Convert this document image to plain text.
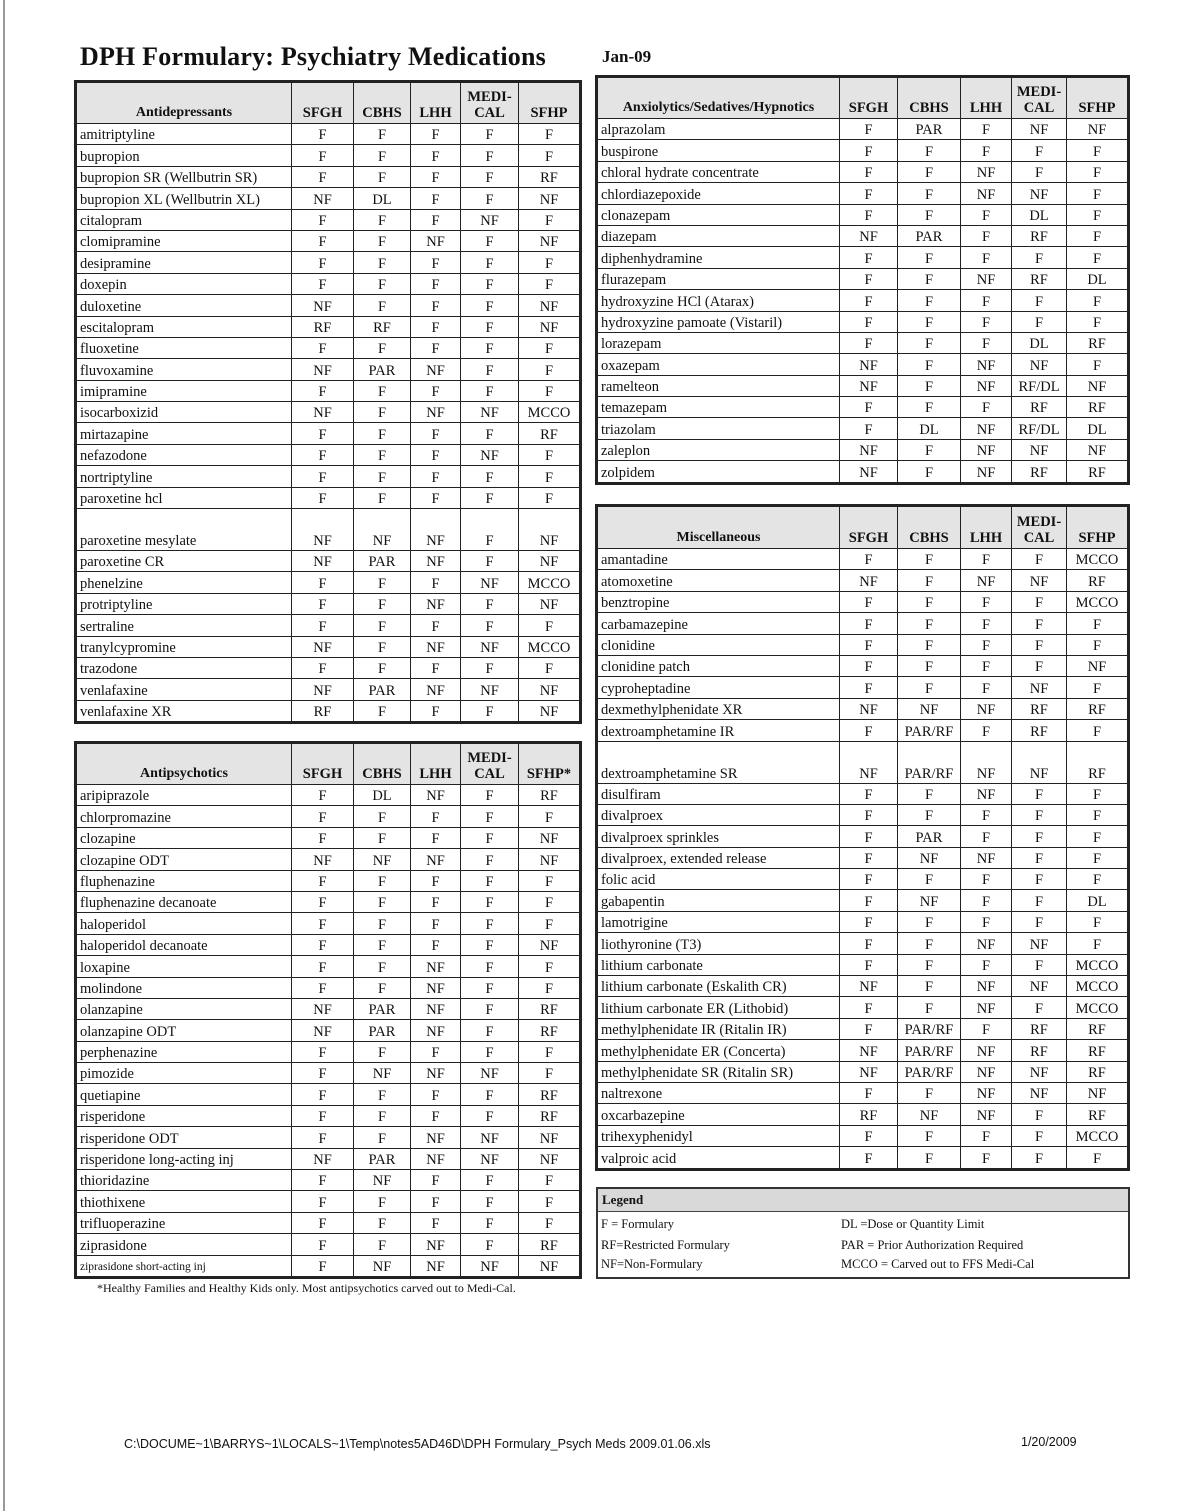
DPH Formulary: Psychiatry Medications	Jan-09
Antidepressants	SFGH	CBHS	LHH	MEDI-CAL	SFHP
amitriptyline	F	F	F	F	F
bupropion	F	F	F	F	F
bupropion SR (Wellbutrin SR)	F	F	F	F	RF
bupropion XL (Wellbutrin XL)	NF	DL	F	F	NF
citalopram	F	F	F	NF	F
clomipramine	F	F	NF	F	NF
desipramine	F	F	F	F	F
doxepin	F	F	F	F	F
duloxetine	NF	F	F	F	NF
escitalopram	RF	RF	F	F	NF
fluoxetine	F	F	F	F	F
fluvoxamine	NF	PAR	NF	F	F
imipramine	F	F	F	F	F
isocarboxizid	NF	F	NF	NF	MCCO
mirtazapine	F	F	F	F	RF
nefazodone	F	F	F	NF	F
nortriptyline	F	F	F	F	F
paroxetine hcl	F	F	F	F	F
paroxetine mesylate	NF	NF	NF	F	NF
paroxetine CR	NF	PAR	NF	F	NF
phenelzine	F	F	F	NF	MCCO
protriptyline	F	F	NF	F	NF
sertraline	F	F	F	F	F
tranylcypromine	NF	F	NF	NF	MCCO
trazodone	F	F	F	F	F
venlafaxine	NF	PAR	NF	NF	NF
venlafaxine XR	RF	F	F	F	NF
Antipsychotics	SFGH	CBHS	LHH	MEDI-CAL	SFHP*
aripiprazole	F	DL	NF	F	RF
chlorpromazine	F	F	F	F	F
clozapine	F	F	F	F	NF
clozapine ODT	NF	NF	NF	F	NF
fluphenazine	F	F	F	F	F
fluphenazine decanoate	F	F	F	F	F
haloperidol	F	F	F	F	F
haloperidol decanoate	F	F	F	F	NF
loxapine	F	F	NF	F	F
molindone	F	F	NF	F	F
olanzapine	NF	PAR	NF	F	RF
olanzapine ODT	NF	PAR	NF	F	RF
perphenazine	F	F	F	F	F
pimozide	F	NF	NF	NF	F
quetiapine	F	F	F	F	RF
risperidone	F	F	F	F	RF
risperidone ODT	F	F	NF	NF	NF
risperidone long-acting inj	NF	PAR	NF	NF	NF
thioridazine	F	NF	F	F	F
thiothixene	F	F	F	F	F
trifluoperazine	F	F	F	F	F
ziprasidone	F	F	NF	F	RF
ziprasidone short-acting inj	F	NF	NF	NF	NF
*Healthy Families and Healthy Kids only. Most antipsychotics carved out to Medi-Cal.
Anxiolytics/Sedatives/Hypnotics	SFGH	CBHS	LHH	MEDI-CAL	SFHP
alprazolam	F	PAR	F	NF	NF
buspirone	F	F	F	F	F
chloral hydrate concentrate	F	F	NF	F	F
chlordiazepoxide	F	F	NF	NF	F
clonazepam	F	F	F	DL	F
diazepam	NF	PAR	F	RF	F
diphenhydramine	F	F	F	F	F
flurazepam	F	F	NF	RF	DL
hydroxyzine HCl (Atarax)	F	F	F	F	F
hydroxyzine pamoate (Vistaril)	F	F	F	F	F
lorazepam	F	F	F	DL	RF
oxazepam	NF	F	NF	NF	F
ramelteon	NF	F	NF	RF/DL	NF
temazepam	F	F	F	RF	RF
triazolam	F	DL	NF	RF/DL	DL
zaleplon	NF	F	NF	NF	NF
zolpidem	NF	F	NF	RF	RF
Miscellaneous	SFGH	CBHS	LHH	MEDI-CAL	SFHP
amantadine	F	F	F	F	MCCO
atomoxetine	NF	F	NF	NF	RF
benztropine	F	F	F	F	MCCO
carbamazepine	F	F	F	F	F
clonidine	F	F	F	F	F
clonidine patch	F	F	F	F	NF
cyproheptadine	F	F	F	NF	F
dexmethylphenidate XR	NF	NF	NF	RF	RF
dextroamphetamine IR	F	PAR/RF	F	RF	F
dextroamphetamine SR	NF	PAR/RF	NF	NF	RF
disulfiram	F	F	NF	F	F
divalproex	F	F	F	F	F
divalproex sprinkles	F	PAR	F	F	F
divalproex, extended release	F	NF	NF	F	F
folic acid	F	F	F	F	F
gabapentin	F	NF	F	F	DL
lamotrigine	F	F	F	F	F
liothyronine (T3)	F	F	NF	NF	F
lithium carbonate	F	F	F	F	MCCO
lithium carbonate (Eskalith CR)	NF	F	NF	NF	MCCO
lithium carbonate ER (Lithobid)	F	F	NF	F	MCCO
methylphenidate IR (Ritalin IR)	F	PAR/RF	F	RF	RF
methylphenidate ER (Concerta)	NF	PAR/RF	NF	RF	RF
methylphenidate SR (Ritalin SR)	NF	PAR/RF	NF	NF	RF
naltrexone	F	F	NF	NF	NF
oxcarbazepine	RF	NF	NF	F	RF
trihexyphenidyl	F	F	F	F	MCCO
valproic acid	F	F	F	F	F
Legend
F = Formulary
RF=Restricted Formulary
NF=Non-Formulary
DL =Dose or Quantity Limit
PAR = Prior Authorization Required
MCCO = Carved out to FFS Medi-Cal
C:\DOCUME~1\BARRYS~1\LOCALS~1\Temp\notes5AD46D\DPH Formulary_Psych Meds 2009.01.06.xls	1/20/2009
